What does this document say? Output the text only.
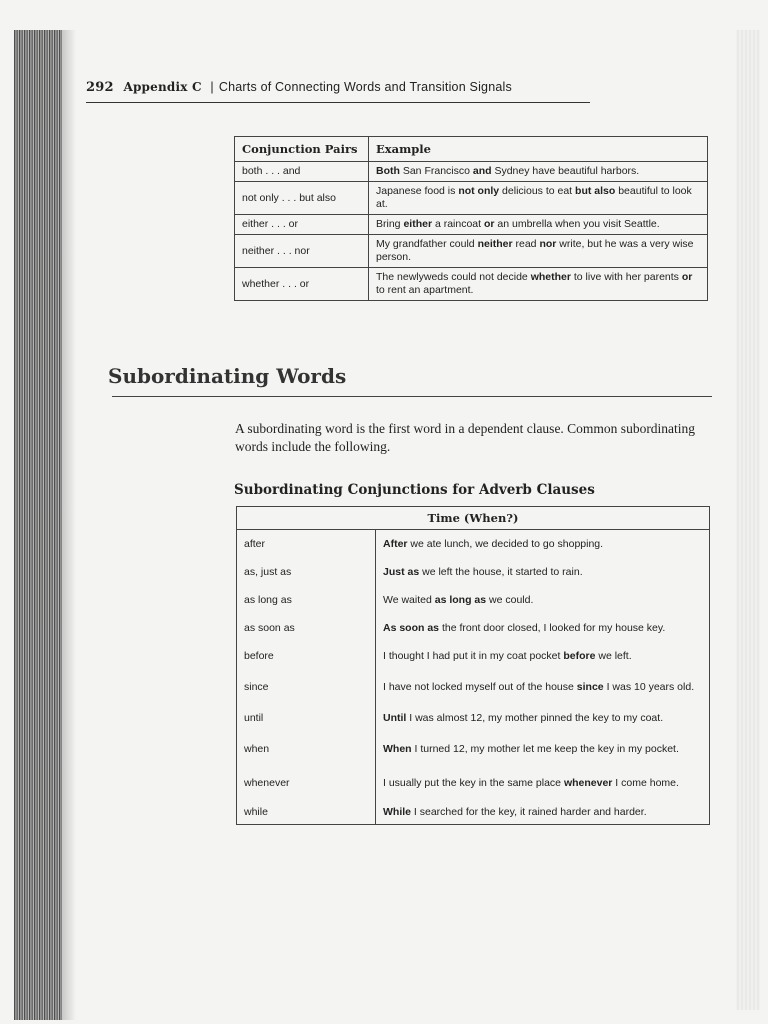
292 Appendix C | Charts of Connecting Words and Transition Signals
Conjunction Pairs	Example
both . . . and	Both San Francisco and Sydney have beautiful harbors.
not only . . . but also	Japanese food is not only delicious to eat but also beautiful to look at.
either . . . or	Bring either a raincoat or an umbrella when you visit Seattle.
neither . . . nor	My grandfather could neither read nor write, but he was a very wise person.
whether . . . or	The newlyweds could not decide whether to live with her parents or to rent an apartment.
Subordinating Words
A subordinating word is the first word in a dependent clause. Common subordinating words include the following.
Subordinating Conjunctions for Adverb Clauses
Time (When?)	
after	After we ate lunch, we decided to go shopping.
as, just as	Just as we left the house, it started to rain.
as long as	We waited as long as we could.
as soon as	As soon as the front door closed, I looked for my house key.
before	I thought I had put it in my coat pocket before we left.
since	I have not locked myself out of the house since I was 10 years old.
until	Until I was almost 12, my mother pinned the key to my coat.
when	When I turned 12, my mother let me keep the key in my pocket.
whenever	I usually put the key in the same place whenever I come home.
while	While I searched for the key, it rained harder and harder.
